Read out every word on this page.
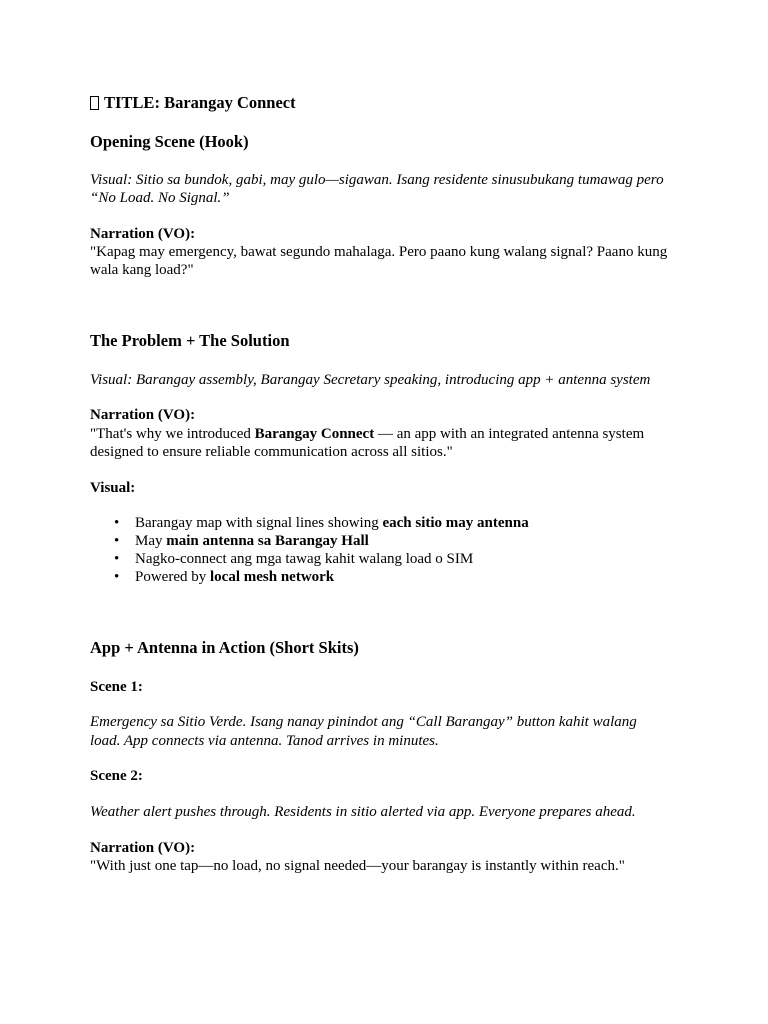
TITLE: Barangay Connect
Opening Scene (Hook)
Visual: Sitio sa bundok, gabi, may gulo—sigawan. Isang residente sinusubukang tumawag pero
“No Load. No Signal.”
Narration (VO):
"Kapag may emergency, bawat segundo mahalaga. Pero paano kung walang signal? Paano kung
wala kang load?"
The Problem + The Solution
Visual: Barangay assembly, Barangay Secretary speaking, introducing app + antenna system
Narration (VO):
"That's why we introduced Barangay Connect — an app with an integrated antenna system
designed to ensure reliable communication across all sitios."
Visual:
• Barangay map with signal lines showing each sitio may antenna
• May main antenna sa Barangay Hall
• Nagko-connect ang mga tawag kahit walang load o SIM
• Powered by local mesh network
App + Antenna in Action (Short Skits)
Scene 1:
Emergency sa Sitio Verde. Isang nanay pinindot ang “Call Barangay” button kahit walang
load. App connects via antenna. Tanod arrives in minutes.
Scene 2:
Weather alert pushes through. Residents in sitio alerted via app. Everyone prepares ahead.
Narration (VO):
"With just one tap—no load, no signal needed—your barangay is instantly within reach."
